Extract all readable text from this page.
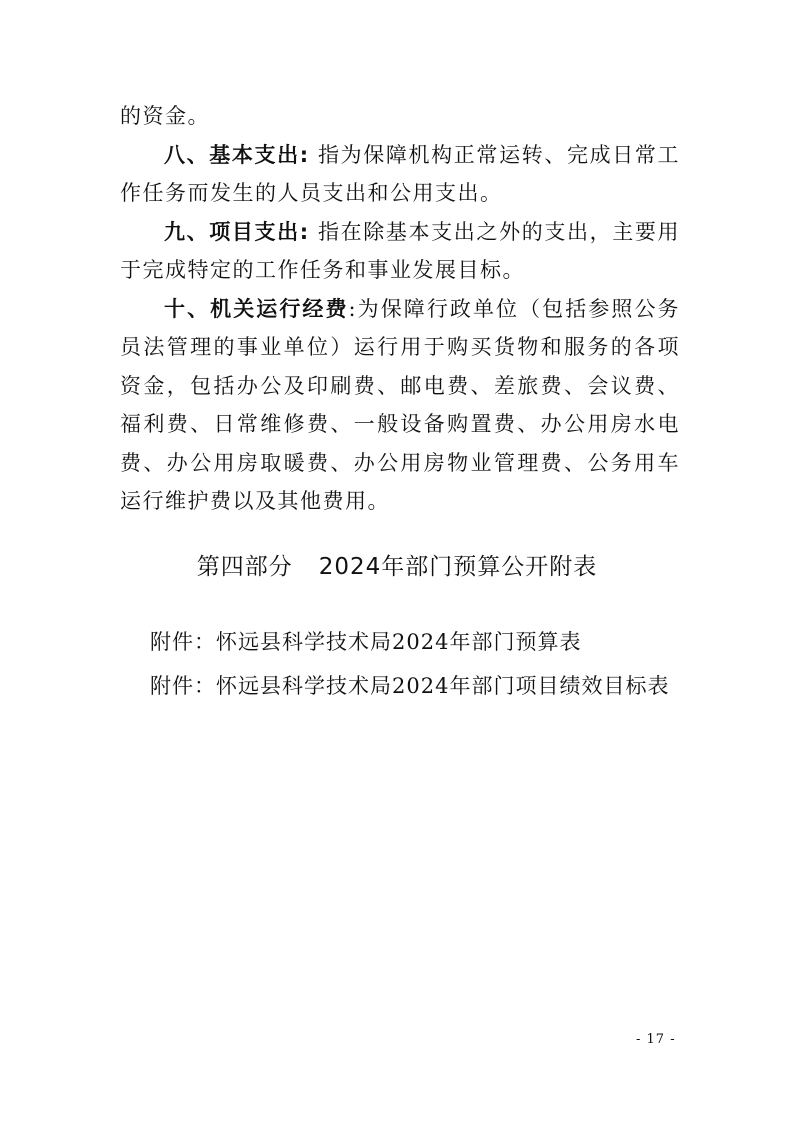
的资金。

八、基本支出: 指为保障机构正常运转、完成日常工作任务而发生的人员支出和公用支出。

九、项目支出: 指在除基本支出之外的支出，主要用于完成特定的工作任务和事业发展目标。

十、机关运行经费:为保障行政单位（包括参照公务员法管理的事业单位）运行用于购买货物和服务的各项资金，包括办公及印刷费、邮电费、差旅费、会议费、福利费、日常维修费、一般设备购置费、办公用房水电费、办公用房取暖费、办公用房物业管理费、公务用车运行维护费以及其他费用。

第四部分 2024年部门预算公开附表
附件：怀远县科学技术局2024年部门预算表
附件：怀远县科学技术局2024年部门项目绩效目标表
- 17 -
